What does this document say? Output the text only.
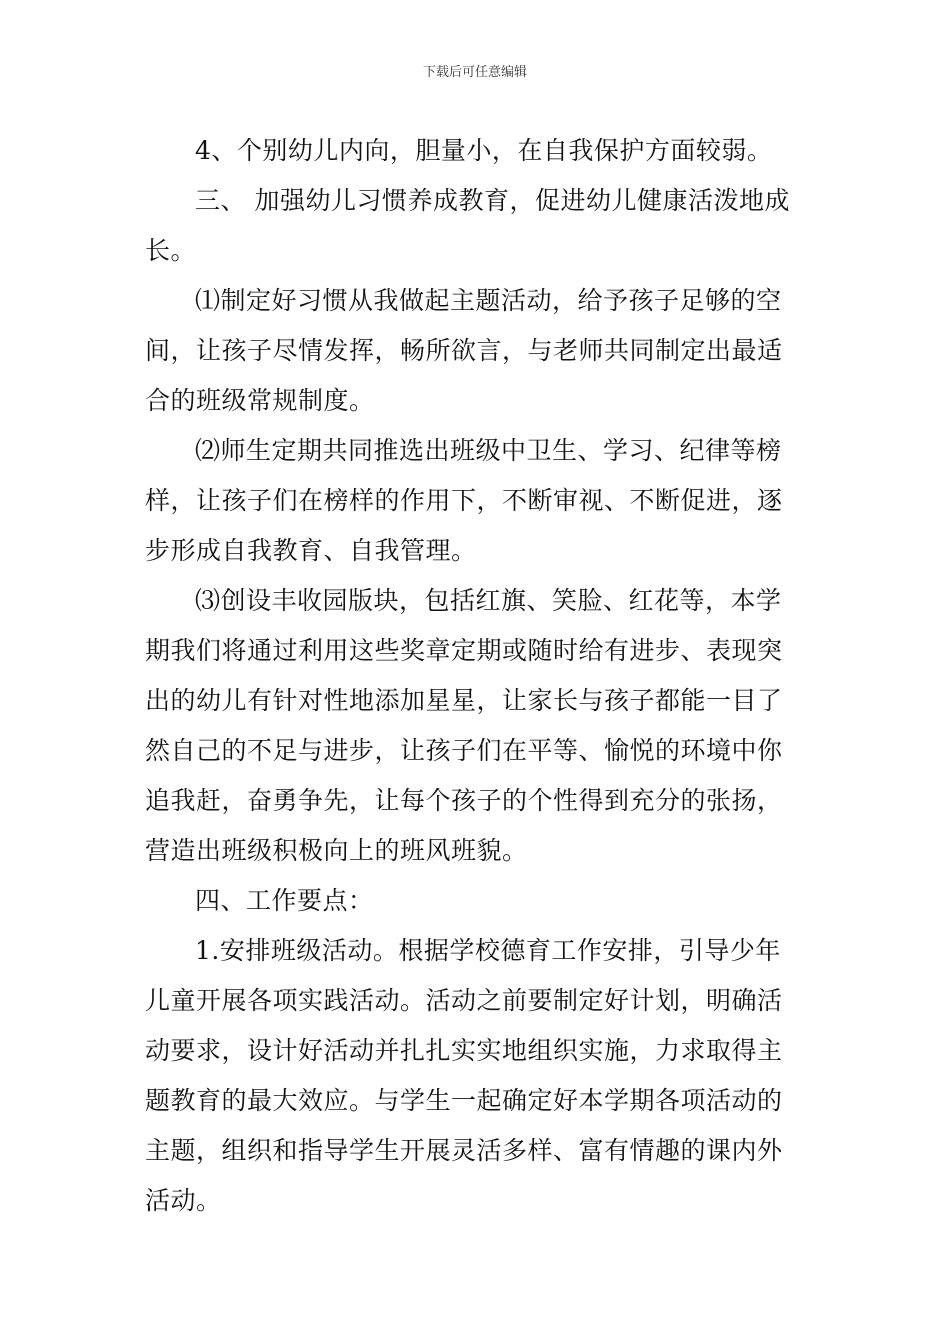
下载后可任意编辑
4、个别幼儿内向，胆量小，在自我保护方面较弱。
三、 加强幼儿习惯养成教育，促进幼儿健康活泼地成
长。
⑴制定好习惯从我做起主题活动，给予孩子足够的空
间，让孩子尽情发挥，畅所欲言，与老师共同制定出最适
合的班级常规制度。
⑵师生定期共同推选出班级中卫生、学习、纪律等榜
样，让孩子们在榜样的作用下，不断审视、不断促进，逐
步形成自我教育、自我管理。
⑶创设丰收园版块，包括红旗、笑脸、红花等，本学
期我们将通过利用这些奖章定期或随时给有进步、表现突
出的幼儿有针对性地添加星星，让家长与孩子都能一目了
然自己的不足与进步，让孩子们在平等、愉悦的环境中你
追我赶，奋勇争先，让每个孩子的个性得到充分的张扬，
营造出班级积极向上的班风班貌。
四、工作要点：
1.安排班级活动。根据学校德育工作安排，引导少年
儿童开展各项实践活动。活动之前要制定好计划，明确活
动要求，设计好活动并扎扎实实地组织实施，力求取得主
题教育的最大效应。与学生一起确定好本学期各项活动的
主题，组织和指导学生开展灵活多样、富有情趣的课内外
活动。
